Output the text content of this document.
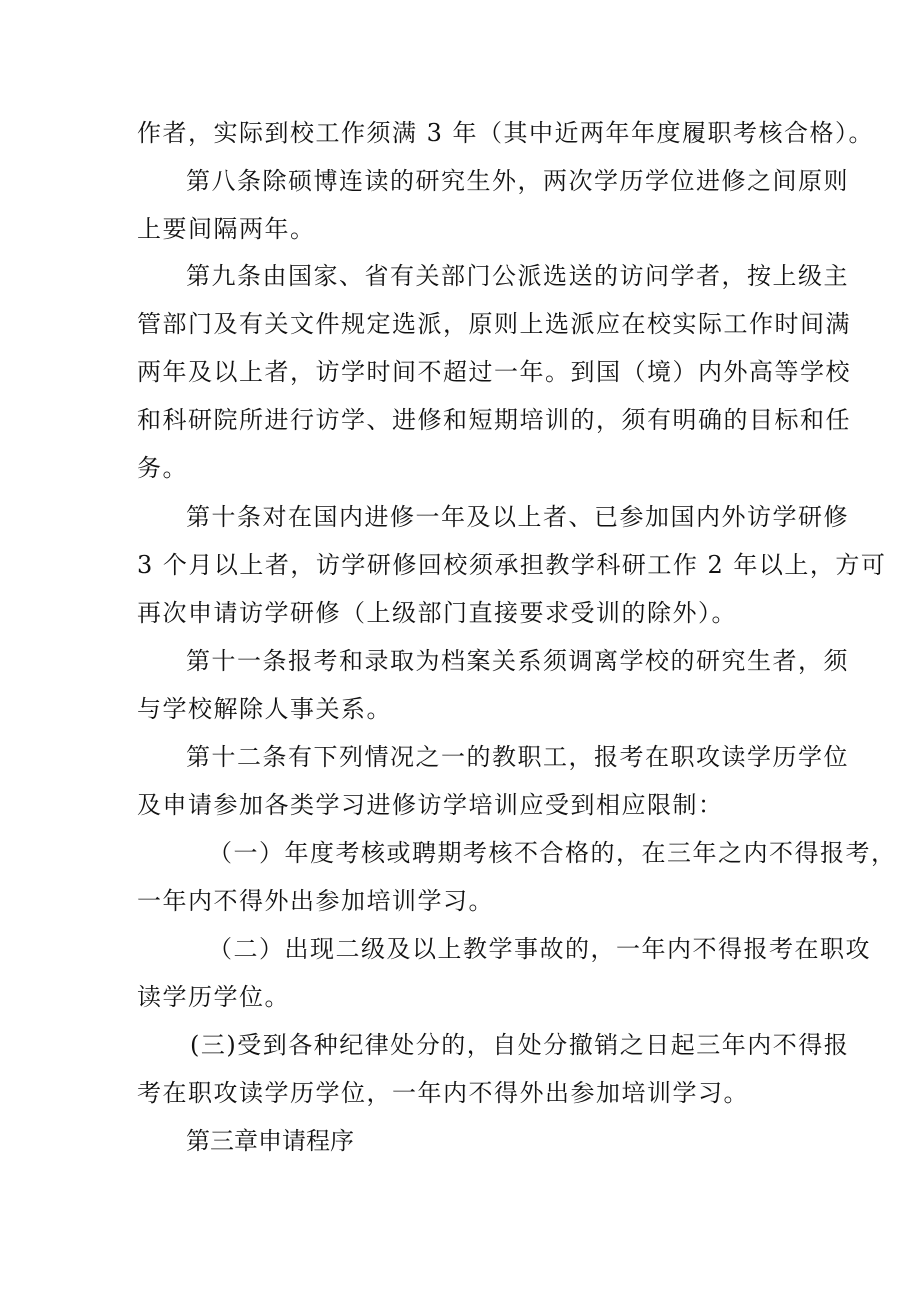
作者，实际到校工作须满 3 年（其中近两年年度履职考核合格）。
第八条除硕博连读的研究生外，两次学历学位进修之间原则
上要间隔两年。
第九条由国家、省有关部门公派选送的访问学者，按上级主
管部门及有关文件规定选派，原则上选派应在校实际工作时间满
两年及以上者，访学时间不超过一年。到国（境）内外高等学校
和科研院所进行访学、进修和短期培训的，须有明确的目标和任
务。
第十条对在国内进修一年及以上者、已参加国内外访学研修
3 个月以上者，访学研修回校须承担教学科研工作 2 年以上，方可
再次申请访学研修（上级部门直接要求受训的除外）。
第十一条报考和录取为档案关系须调离学校的研究生者，须
与学校解除人事关系。
第十二条有下列情况之一的教职工，报考在职攻读学历学位
及申请参加各类学习进修访学培训应受到相应限制：
（一）年度考核或聘期考核不合格的，在三年之内不得报考，
一年内不得外出参加培训学习。
（二）出现二级及以上教学事故的，一年内不得报考在职攻
读学历学位。
(三)受到各种纪律处分的，自处分撤销之日起三年内不得报
考在职攻读学历学位，一年内不得外出参加培训学习。
第三章申请程序
